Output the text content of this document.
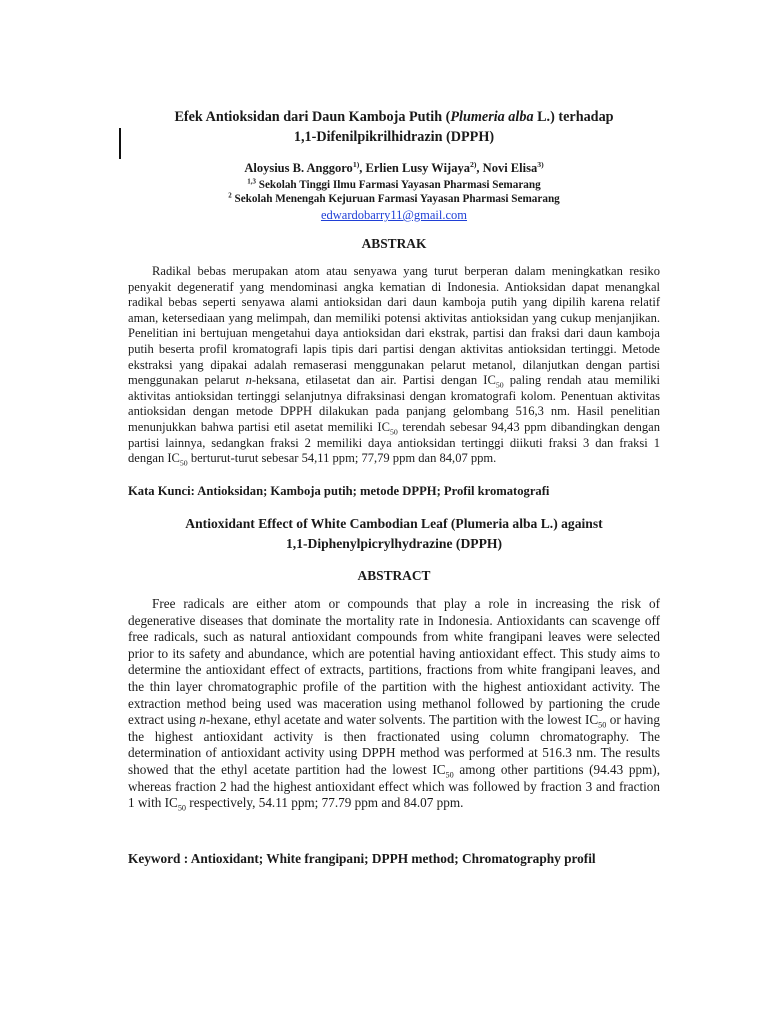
Efek Antioksidan dari Daun Kamboja Putih (Plumeria alba L.) terhadap
1,1-Difenilpikrilhidrazin (DPPH)
Aloysius B. Anggoro$^{1)}$, Erlien Lusy Wijaya$^{2)}$, Novi Elisa$^{3)}$
$^{1,3}$ Sekolah Tinggi Ilmu Farmasi Yayasan Pharmasi Semarang
$^2$ Sekolah Menengah Kejuruan Farmasi Yayasan Pharmasi Semarang
edwardobarry11@gmail.com
ABSTRAK
Radikal bebas merupakan atom atau senyawa yang turut berperan dalam meningkatkan resiko penyakit degeneratif yang mendominasi angka kematian di Indonesia. Antioksidan dapat menangkal radikal bebas seperti senyawa alami antioksidan dari daun kamboja putih yang dipilih karena relatif aman, ketersediaan yang melimpah, dan memiliki potensi aktivitas antioksidan yang cukup menjanjikan. Penelitian ini bertujuan mengetahui daya antioksidan dari ekstrak, partisi dan fraksi dari daun kamboja putih beserta profil kromatografi lapis tipis dari partisi dengan aktivitas antioksidan tertinggi. Metode ekstraksi yang dipakai adalah remaserasi menggunakan pelarut metanol, dilanjutkan dengan partisi menggunakan pelarut n-heksana, etilasetat dan air. Partisi dengan $IC_{50}$ paling rendah atau memiliki aktivitas antioksidan tertinggi selanjutnya difraksinasi dengan kromatografi kolom. Penentuan aktivitas antioksidan dengan metode DPPH dilakukan pada panjang gelombang 516,3 nm. Hasil penelitian menunjukkan bahwa partisi etil asetat memiliki $IC_{50}$ terendah sebesar 94,43 ppm dibandingkan dengan partisi lainnya, sedangkan fraksi 2 memiliki daya antioksidan tertinggi diikuti fraksi 3 dan fraksi 1 dengan $IC_{50}$ berturut-turut sebesar 54,11 ppm; 77,79 ppm dan 84,07 ppm.
Kata Kunci: Antioksidan; Kamboja putih; metode DPPH; Profil kromatografi
Antioxidant Effect of White Cambodian Leaf (Plumeria alba L.) against
1,1-Diphenylpicrylhydrazine (DPPH)
ABSTRACT
Free radicals are either atom or compounds that play a role in increasing the risk of degenerative diseases that dominate the mortality rate in Indonesia. Antioxidants can scavenge off free radicals, such as natural antioxidant compounds from white frangipani leaves were selected prior to its safety and abundance, which are potential having antioxidant effect. This study aims to determine the antioxidant effect of extracts, partitions, fractions from white frangipani leaves, and the thin layer chromatographic profile of the partition with the highest antioxidant activity. The extraction method being used was maceration using methanol followed by partioning the crude extract using n-hexane, ethyl acetate and water solvents. The partition with the lowest $IC_{50}$ or having the highest antioxidant activity is then fractionated using column chromatography. The determination of antioxidant activity using DPPH method was performed at 516.3 nm. The results showed that the ethyl acetate partition had the lowest $IC_{50}$ among other partitions (94.43 ppm), whereas fraction 2 had the highest antioxidant effect which was followed by fraction 3 and fraction 1 with $IC_{50}$ respectively, 54.11 ppm; 77.79 ppm and 84.07 ppm.
Keyword : Antioxidant; White frangipani; DPPH method; Chromatography profil
